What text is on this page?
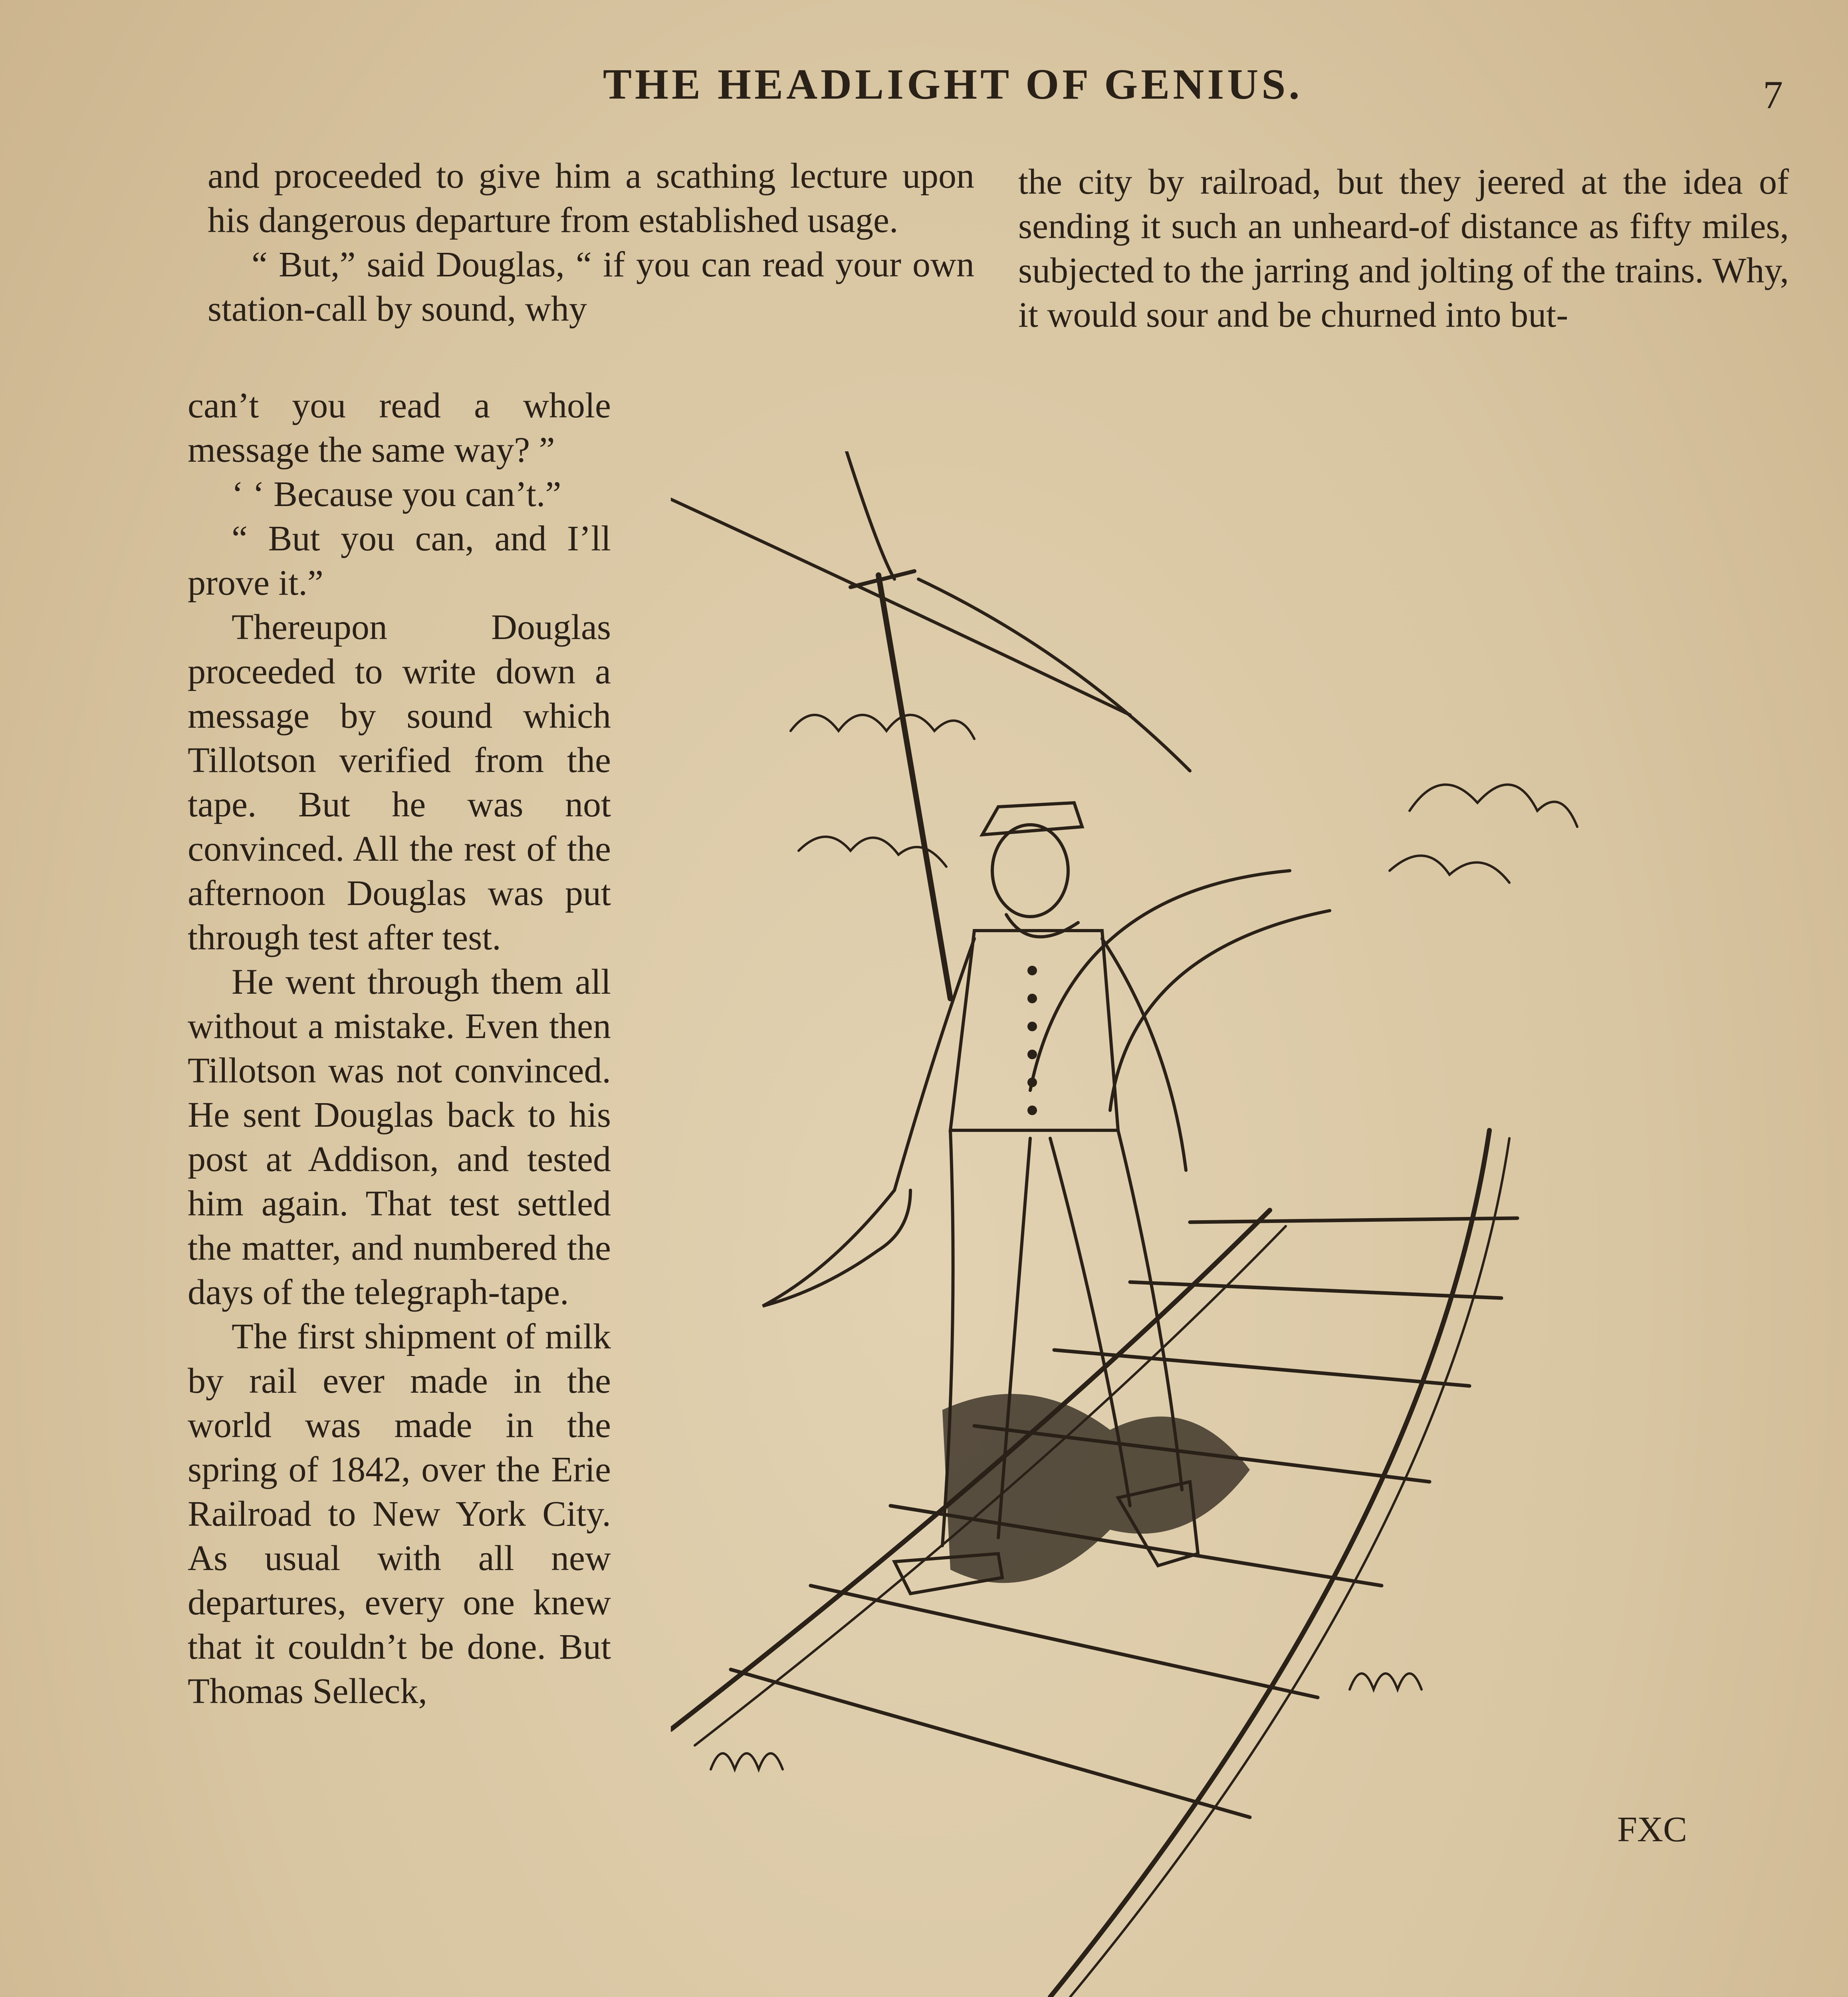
THE HEADLIGHT OF GENIUS.	7

and proceeded to give him a scathing lecture upon his dangerous departure from established usage.

“ But,” said Douglas, “ if you can read your own station-call by sound, why

the city by railroad, but they jeered at the idea of sending it such an unheard-of distance as fifty miles, subjected to the jarring and jolting of the trains. Why, it would sour and be churned into but-

can’t you read a whole message the same way? ”

‘ ‘ Because you can’t.”

“ But you can, and I’ll prove it.”

Thereupon Douglas proceeded to write down a message by sound which Tillotson verified from the tape. But he was not convinced. All the rest of the afternoon Douglas was put through test after test.

He went through them all without a mistake. Even then Tillotson was not convinced. He sent Douglas back to his post at Addison, and tested him again. That test settled the matter, and numbered the days of the telegraph-tape.

The first shipment of milk by rail ever made in the world was made in the spring of 1842, over the Erie Railroad to New York City. As usual with all new departures, every one knew that it couldn’t be done. But Thomas Selleck,

FXC
